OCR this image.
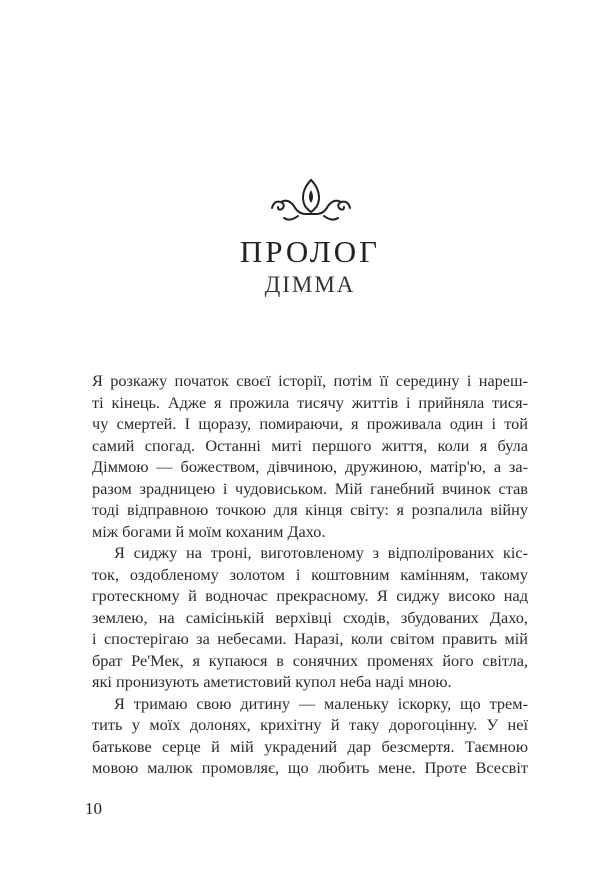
ПРОЛОГ
ДІММА
Я розкажу початок своєї історії, потім її середину і нареш-
ті кінець. Адже я прожила тисячу життів і прийняла тися-
чу смертей. І щоразу, помираючи, я проживала один і той
самий спогад. Останні миті першого життя, коли я була
Діммою — божеством, дівчиною, дружиною, матір'ю, а за-
разом зрадницею і чудовиськом. Мій ганебний вчинок став
тоді відправною точкою для кінця світу: я розпалила війну
між богами й моїм коханим Дахо.
Я сиджу на троні, виготовленому з відполірованих кіс-
ток, оздобленому золотом і коштовним камінням, такому
гротескному й водночас прекрасному. Я сиджу високо над
землею, на самісінькій верхівці сходів, збудованих Дахо,
і спостерігаю за небесами. Наразі, коли світом править мій
брат Ре'Мек, я купаюся в сонячних променях його світла,
які пронизують аметистовий купол неба наді мною.
Я тримаю свою дитину — маленьку іскорку, що трем-
тить у моїх долонях, крихітну й таку дорогоцінну. У неї
батькове серце й мій украдений дар безсмертя. Таємною
мовою малюк промовляє, що любить мене. Проте Всесвіт
10
